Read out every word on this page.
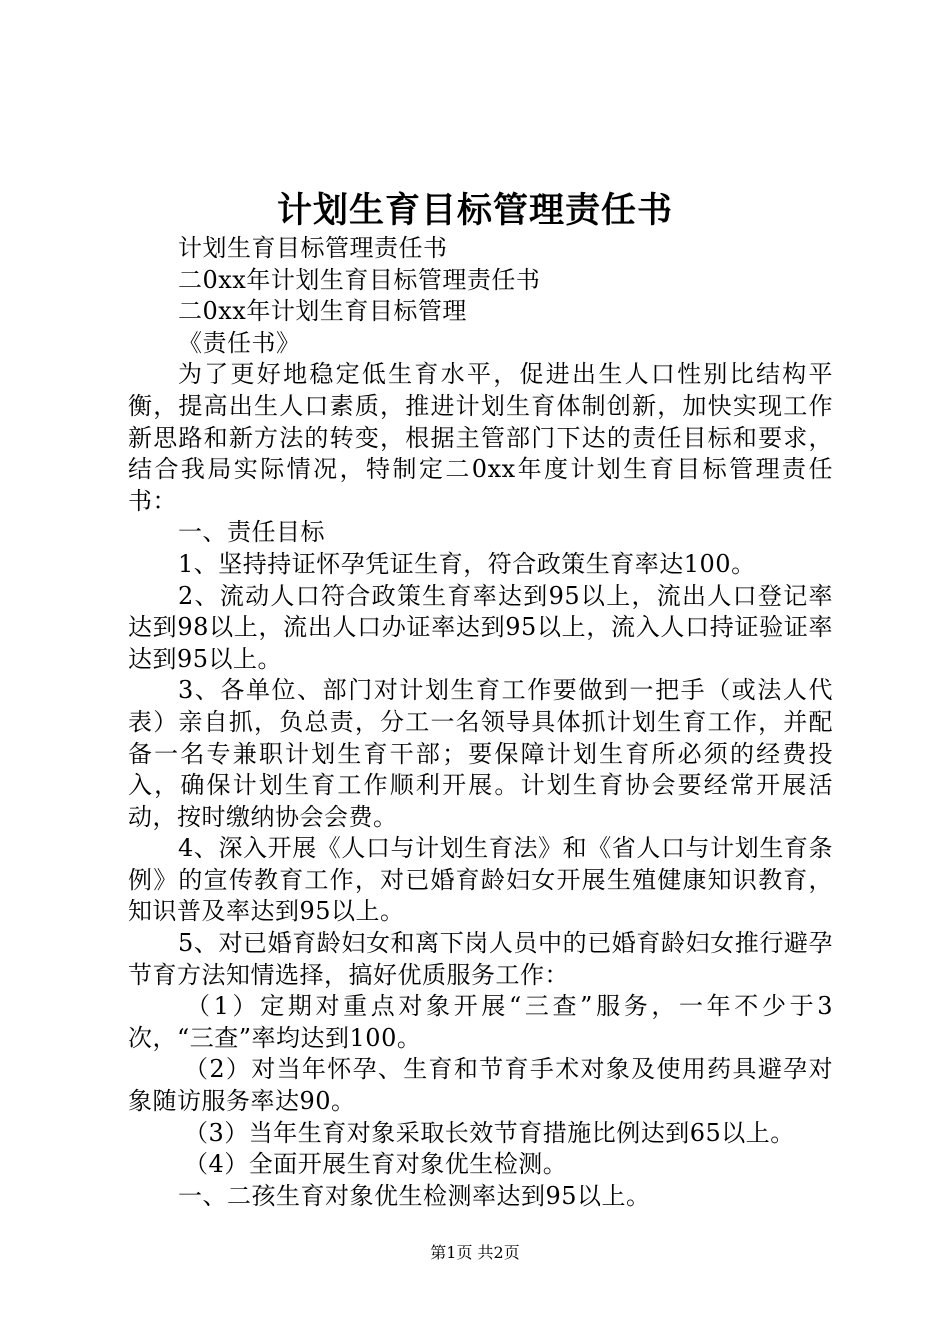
计划生育目标管理责任书

计划生育目标管理责任书

二0xx年计划生育目标管理责任书

二0xx年计划生育目标管理

《责任书》

为了更好地稳定低生育水平，促进出生人口性别比结构平衡，提高出生人口素质，推进计划生育体制创新，加快实现工作新思路和新方法的转变，根据主管部门下达的责任目标和要求，结合我局实际情况，特制定二0xx年度计划生育目标管理责任书：

一、责任目标

1、坚持持证怀孕凭证生育，符合政策生育率达100。

2、流动人口符合政策生育率达到95以上，流出人口登记率达到98以上，流出人口办证率达到95以上，流入人口持证验证率达到95以上。

3、各单位、部门对计划生育工作要做到一把手（或法人代表）亲自抓，负总责，分工一名领导具体抓计划生育工作，并配备一名专兼职计划生育干部；要保障计划生育所必须的经费投入，确保计划生育工作顺利开展。计划生育协会要经常开展活动，按时缴纳协会会费。

4、深入开展《人口与计划生育法》和《省人口与计划生育条例》的宣传教育工作，对已婚育龄妇女开展生殖健康知识教育，知识普及率达到95以上。

5、对已婚育龄妇女和离下岗人员中的已婚育龄妇女推行避孕节育方法知情选择，搞好优质服务工作：

（1）定期对重点对象开展“三查”服务，一年不少于3次，“三查”率均达到100。

（2）对当年怀孕、生育和节育手术对象及使用药具避孕对象随访服务率达90。

（3）当年生育对象采取长效节育措施比例达到65以上。

（4）全面开展生育对象优生检测。

一、二孩生育对象优生检测率达到95以上。

第1页 共2页
